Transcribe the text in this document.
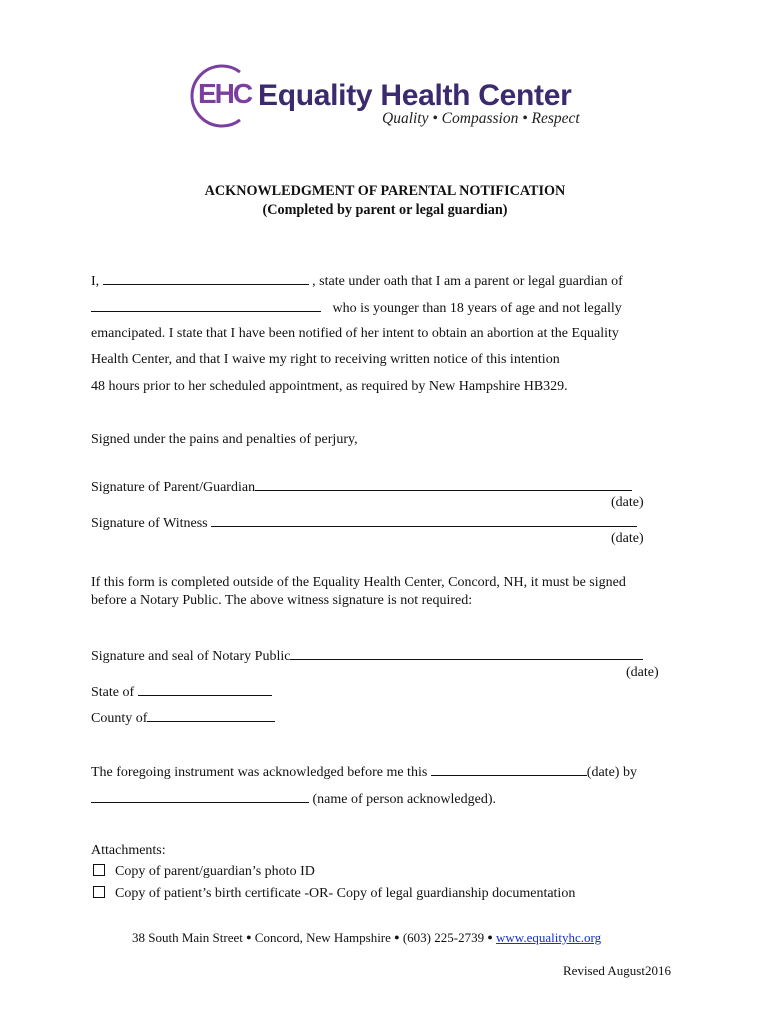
EHC Equality Health Center
Quality • Compassion • Respect
ACKNOWLEDGMENT OF PARENTAL NOTIFICATION
(Completed by parent or legal guardian)
I,	, state under oath that I am a parent or legal guardian of
who is younger than 18 years of age and not legally
emancipated. I state that I have been notified of her intent to obtain an abortion at the Equality
Health Center, and that I waive my right to receiving written notice of this intention
48 hours prior to her scheduled appointment, as required by New Hampshire HB329.
Signed under the pains and penalties of perjury,
Signature of Parent/Guardian
(date)
Signature of Witness
(date)
If this form is completed outside of the Equality Health Center, Concord, NH, it must be signed
before a Notary Public. The above witness signature is not required:
Signature and seal of Notary Public
(date)
State of
County of
The foregoing instrument was acknowledged before me this	(date) by
(name of person acknowledged).
Attachments:
Copy of parent/guardian’s photo ID
Copy of patient’s birth certificate -OR- Copy of legal guardianship documentation
38 South Main Street ● Concord, New Hampshire ● (603) 225-2739 ● www.equalityhc.org
Revised August2016
